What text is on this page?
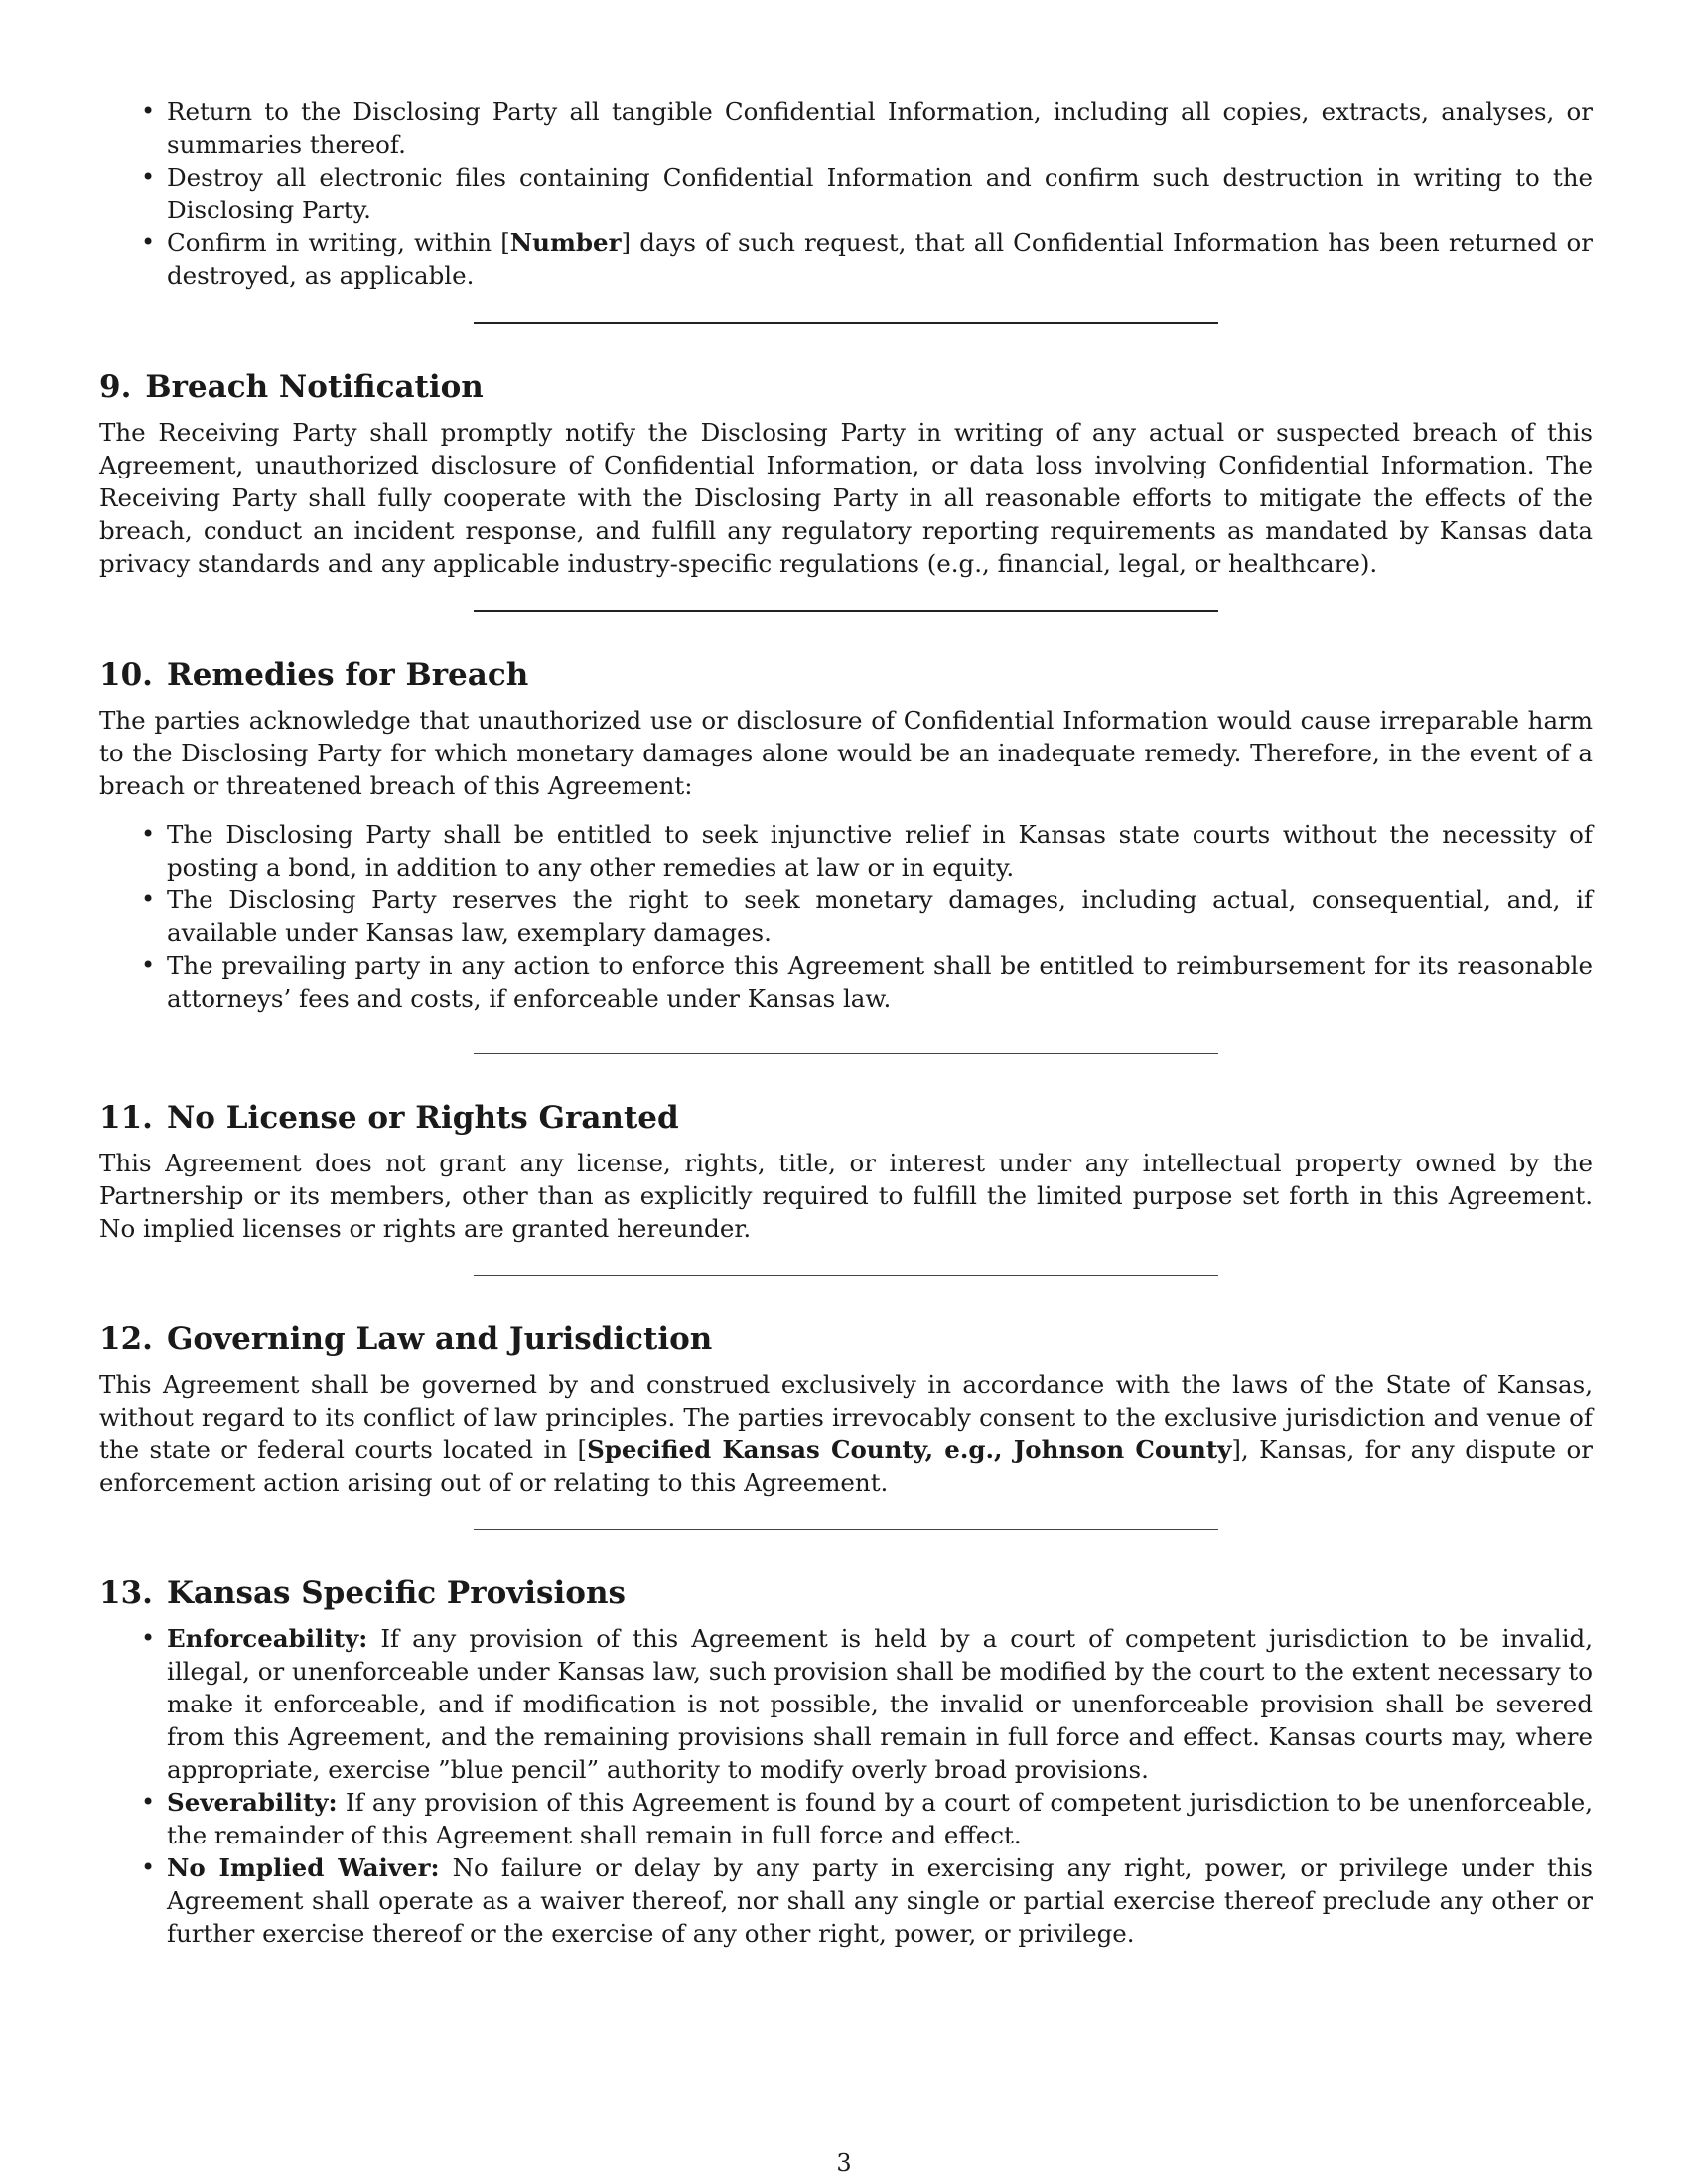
• Return to the Disclosing Party all tangible Confidential Information, including all copies, extracts, analyses, or summaries thereof.
• Destroy all electronic files containing Confidential Information and confirm such destruction in writing to the Disclosing Party.
• Confirm in writing, within [Number] days of such request, that all Confidential Information has been returned or destroyed, as applicable.
9. Breach Notification

The Receiving Party shall promptly notify the Disclosing Party in writing of any actual or suspected breach of this Agreement, unauthorized disclosure of Confidential Information, or data loss involving Confidential Information. The Receiving Party shall fully cooperate with the Disclosing Party in all reasonable efforts to mitigate the effects of the breach, conduct an incident response, and fulfill any regulatory reporting requirements as mandated by Kansas data privacy standards and any applicable industry-specific regulations (e.g., financial, legal, or healthcare).

10. Remedies for Breach

The parties acknowledge that unauthorized use or disclosure of Confidential Information would cause irreparable harm to the Disclosing Party for which monetary damages alone would be an inadequate remedy. Therefore, in the event of a breach or threatened breach of this Agreement:

• The Disclosing Party shall be entitled to seek injunctive relief in Kansas state courts without the necessity of posting a bond, in addition to any other remedies at law or in equity.
• The Disclosing Party reserves the right to seek monetary damages, including actual, consequential, and, if available under Kansas law, exemplary damages.
• The prevailing party in any action to enforce this Agreement shall be entitled to reimbursement for its reasonable attorneys’ fees and costs, if enforceable under Kansas law.
11. No License or Rights Granted

This Agreement does not grant any license, rights, title, or interest under any intellectual property owned by the Partnership or its members, other than as explicitly required to fulfill the limited purpose set forth in this Agreement. No implied licenses or rights are granted hereunder.

12. Governing Law and Jurisdiction

This Agreement shall be governed by and construed exclusively in accordance with the laws of the State of Kansas, without regard to its conflict of law principles. The parties irrevocably consent to the exclusive jurisdiction and venue of the state or federal courts located in [Specified Kansas County, e.g., Johnson County], Kansas, for any dispute or enforcement action arising out of or relating to this Agreement.

13. Kansas Specific Provisions
• Enforceability: If any provision of this Agreement is held by a court of competent jurisdiction to be invalid, illegal, or unenforceable under Kansas law, such provision shall be modified by the court to the extent necessary to make it enforceable, and if modification is not possible, the invalid or unenforceable provision shall be severed from this Agreement, and the remaining provisions shall remain in full force and effect. Kansas courts may, where appropriate, exercise ”blue pencil” authority to modify overly broad provisions.
• Severability: If any provision of this Agreement is found by a court of competent jurisdiction to be unenforceable, the remainder of this Agreement shall remain in full force and effect.
• No Implied Waiver: No failure or delay by any party in exercising any right, power, or privilege under this Agreement shall operate as a waiver thereof, nor shall any single or partial exercise thereof preclude any other or further exercise thereof or the exercise of any other right, power, or privilege.
3
